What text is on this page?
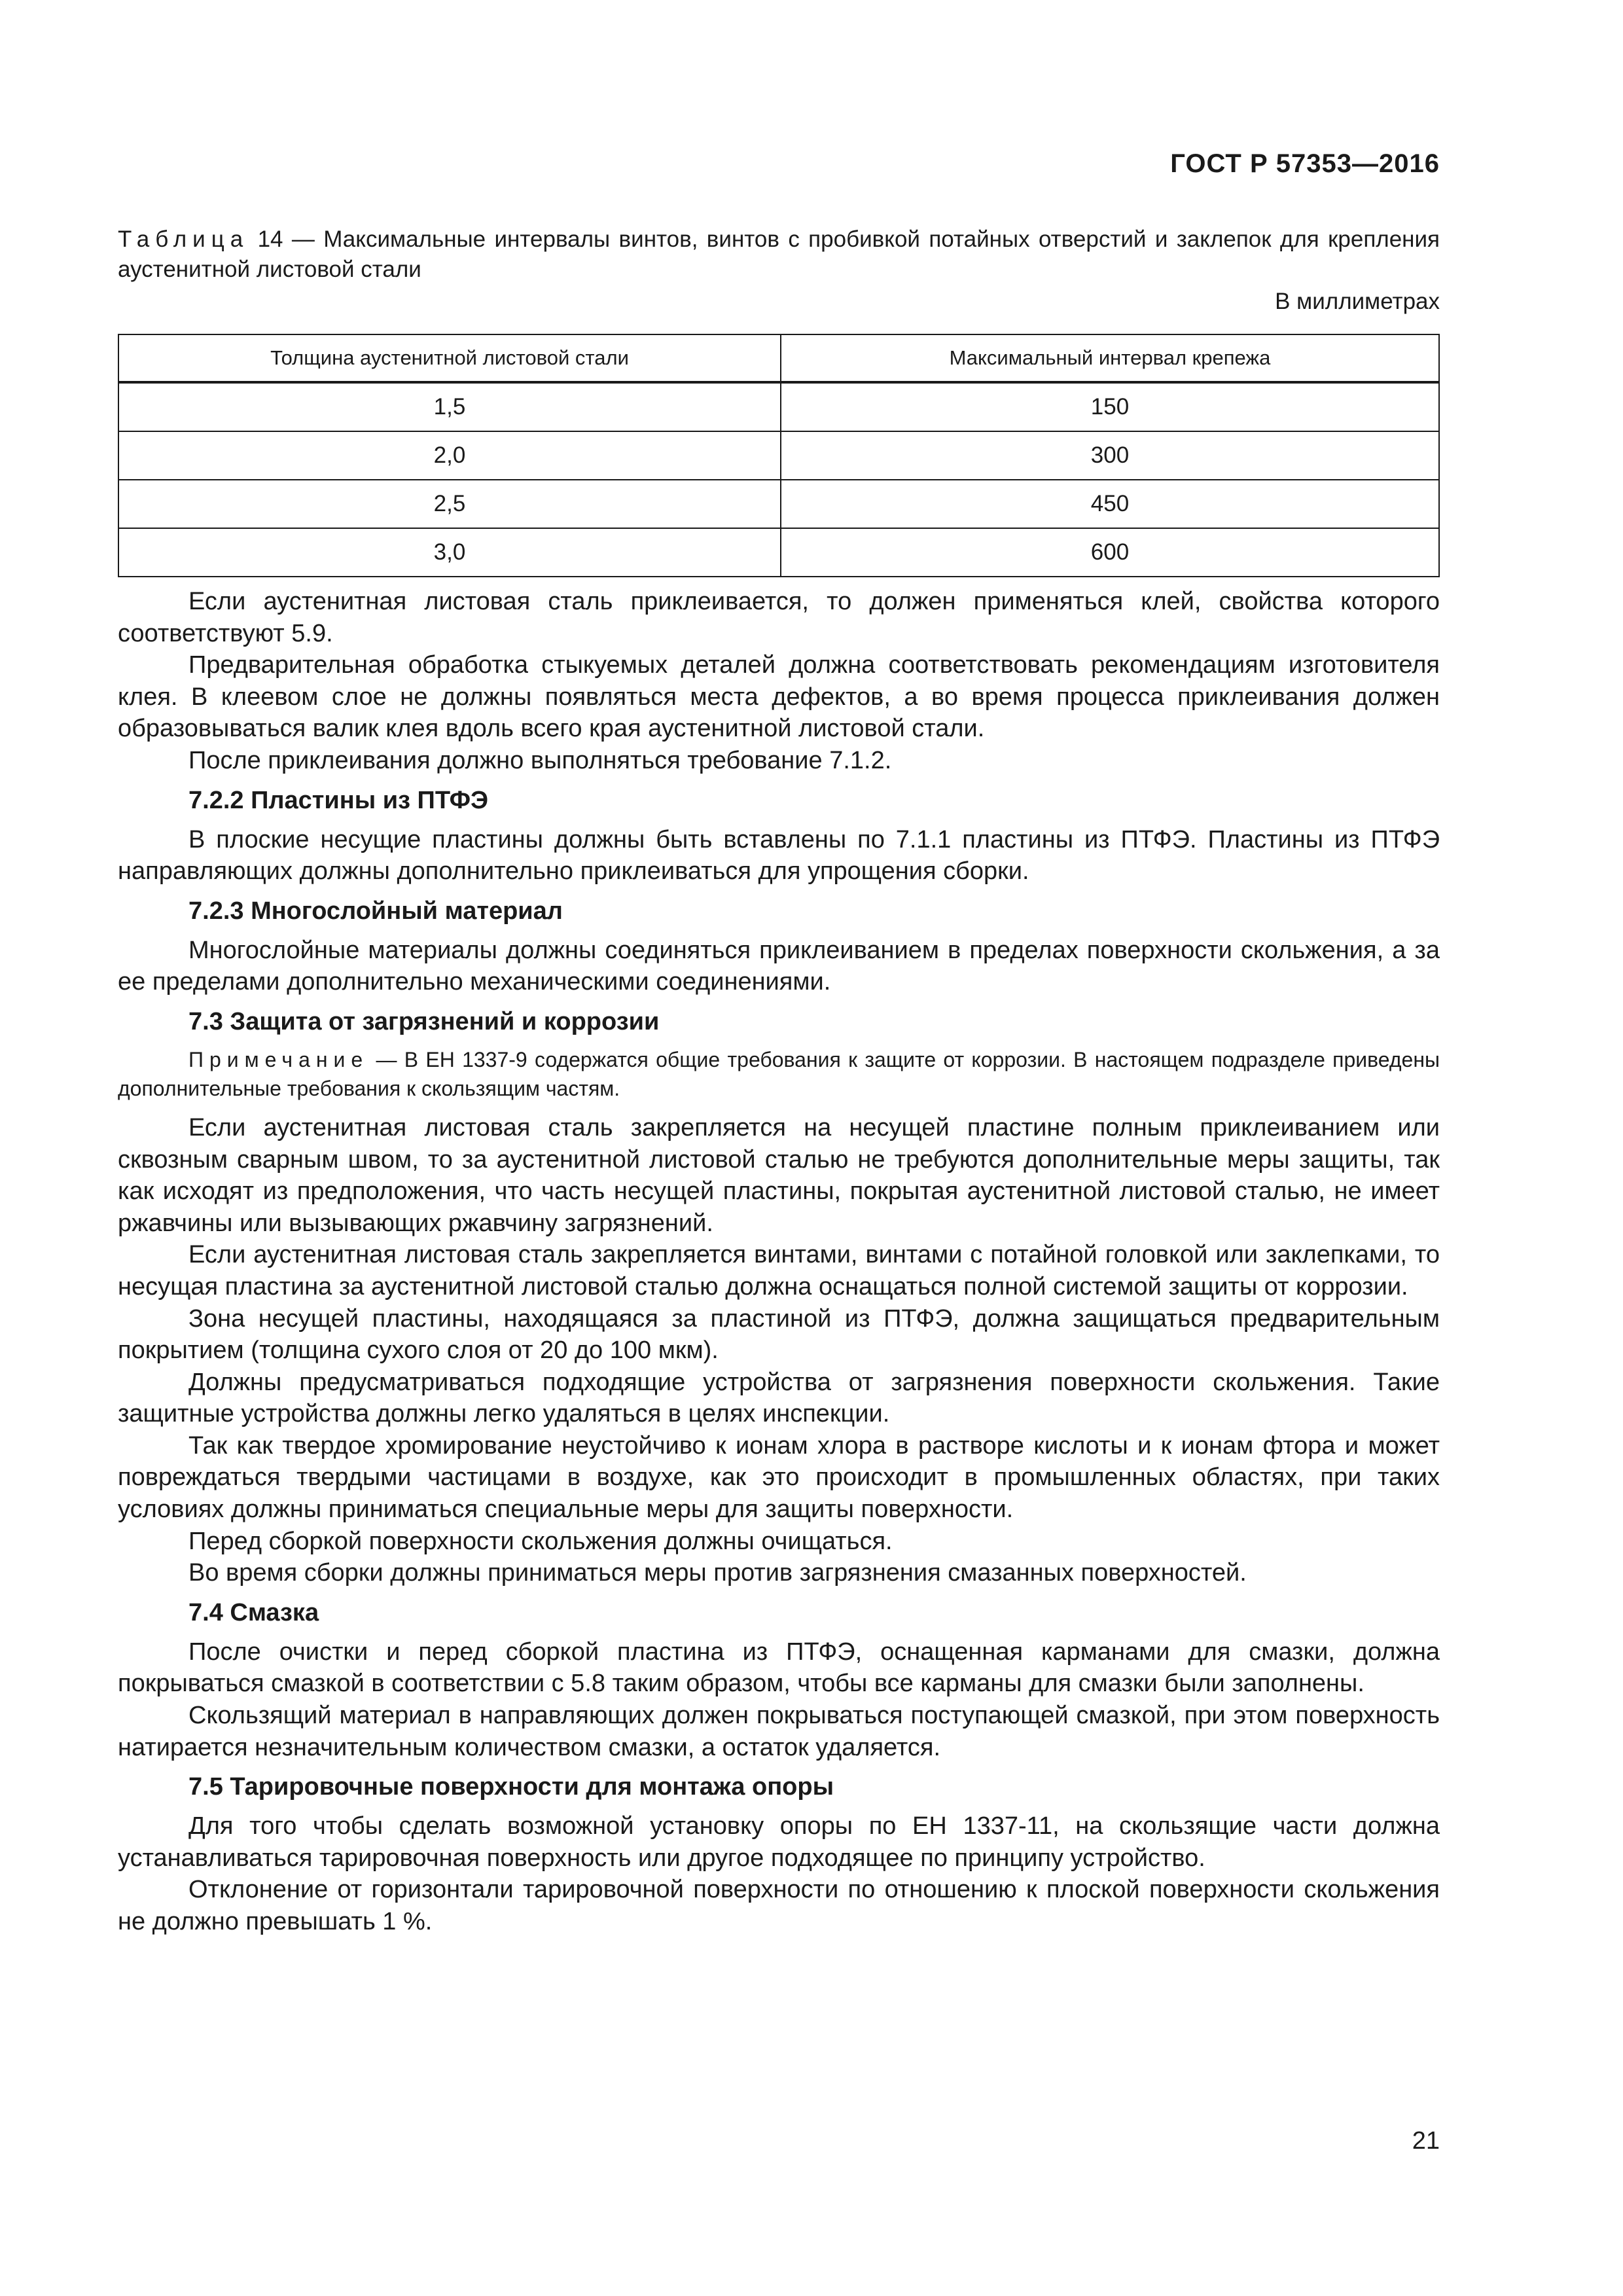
ГОСТ Р 57353—2016
Таблица 14 — Максимальные интервалы винтов, винтов с пробивкой потайных отверстий и заклепок для крепления аустенитной листовой стали
В миллиметрах
Толщина аустенитной листовой стали	Максимальный интервал крепежа
1,5	150
2,0	300
2,5	450
3,0	600

Если аустенитная листовая сталь приклеивается, то должен применяться клей, свойства которого соответствуют 5.9.

Предварительная обработка стыкуемых деталей должна соответствовать рекомендациям изготовителя клея. В клеевом слое не должны появляться места дефектов, а во время процесса приклеивания должен образовываться валик клея вдоль всего края аустенитной листовой стали.

После приклеивания должно выполняться требование 7.1.2.

7.2.2 Пластины из ПТФЭ

В плоские несущие пластины должны быть вставлены по 7.1.1 пластины из ПТФЭ. Пластины из ПТФЭ направляющих должны дополнительно приклеиваться для упрощения сборки.

7.2.3 Многослойный материал

Многослойные материалы должны соединяться приклеиванием в пределах поверхности скольжения, а за ее пределами дополнительно механическими соединениями.

7.3 Защита от загрязнений и коррозии
Примечание — В ЕН 1337-9 содержатся общие требования к защите от коррозии. В настоящем подразделе приведены дополнительные требования к скользящим частям.

Если аустенитная листовая сталь закрепляется на несущей пластине полным приклеиванием или сквозным сварным швом, то за аустенитной листовой сталью не требуются дополнительные меры защиты, так как исходят из предположения, что часть несущей пластины, покрытая аустенитной листовой сталью, не имеет ржавчины или вызывающих ржавчину загрязнений.

Если аустенитная листовая сталь закрепляется винтами, винтами с потайной головкой или заклепками, то несущая пластина за аустенитной листовой сталью должна оснащаться полной системой защиты от коррозии.

Зона несущей пластины, находящаяся за пластиной из ПТФЭ, должна защищаться предварительным покрытием (толщина сухого слоя от 20 до 100 мкм).

Должны предусматриваться подходящие устройства от загрязнения поверхности скольжения. Такие защитные устройства должны легко удаляться в целях инспекции.

Так как твердое хромирование неустойчиво к ионам хлора в растворе кислоты и к ионам фтора и может повреждаться твердыми частицами в воздухе, как это происходит в промышленных областях, при таких условиях должны приниматься специальные меры для защиты поверхности.

Перед сборкой поверхности скольжения должны очищаться.

Во время сборки должны приниматься меры против загрязнения смазанных поверхностей.

7.4 Смазка

После очистки и перед сборкой пластина из ПТФЭ, оснащенная карманами для смазки, должна покрываться смазкой в соответствии с 5.8 таким образом, чтобы все карманы для смазки были заполнены.

Скользящий материал в направляющих должен покрываться поступающей смазкой, при этом поверхность натирается незначительным количеством смазки, а остаток удаляется.

7.5 Тарировочные поверхности для монтажа опоры

Для того чтобы сделать возможной установку опоры по ЕН 1337-11, на скользящие части должна устанавливаться тарировочная поверхность или другое подходящее по принципу устройство.

Отклонение от горизонтали тарировочной поверхности по отношению к плоской поверхности скольжения не должно превышать 1 %.

21
